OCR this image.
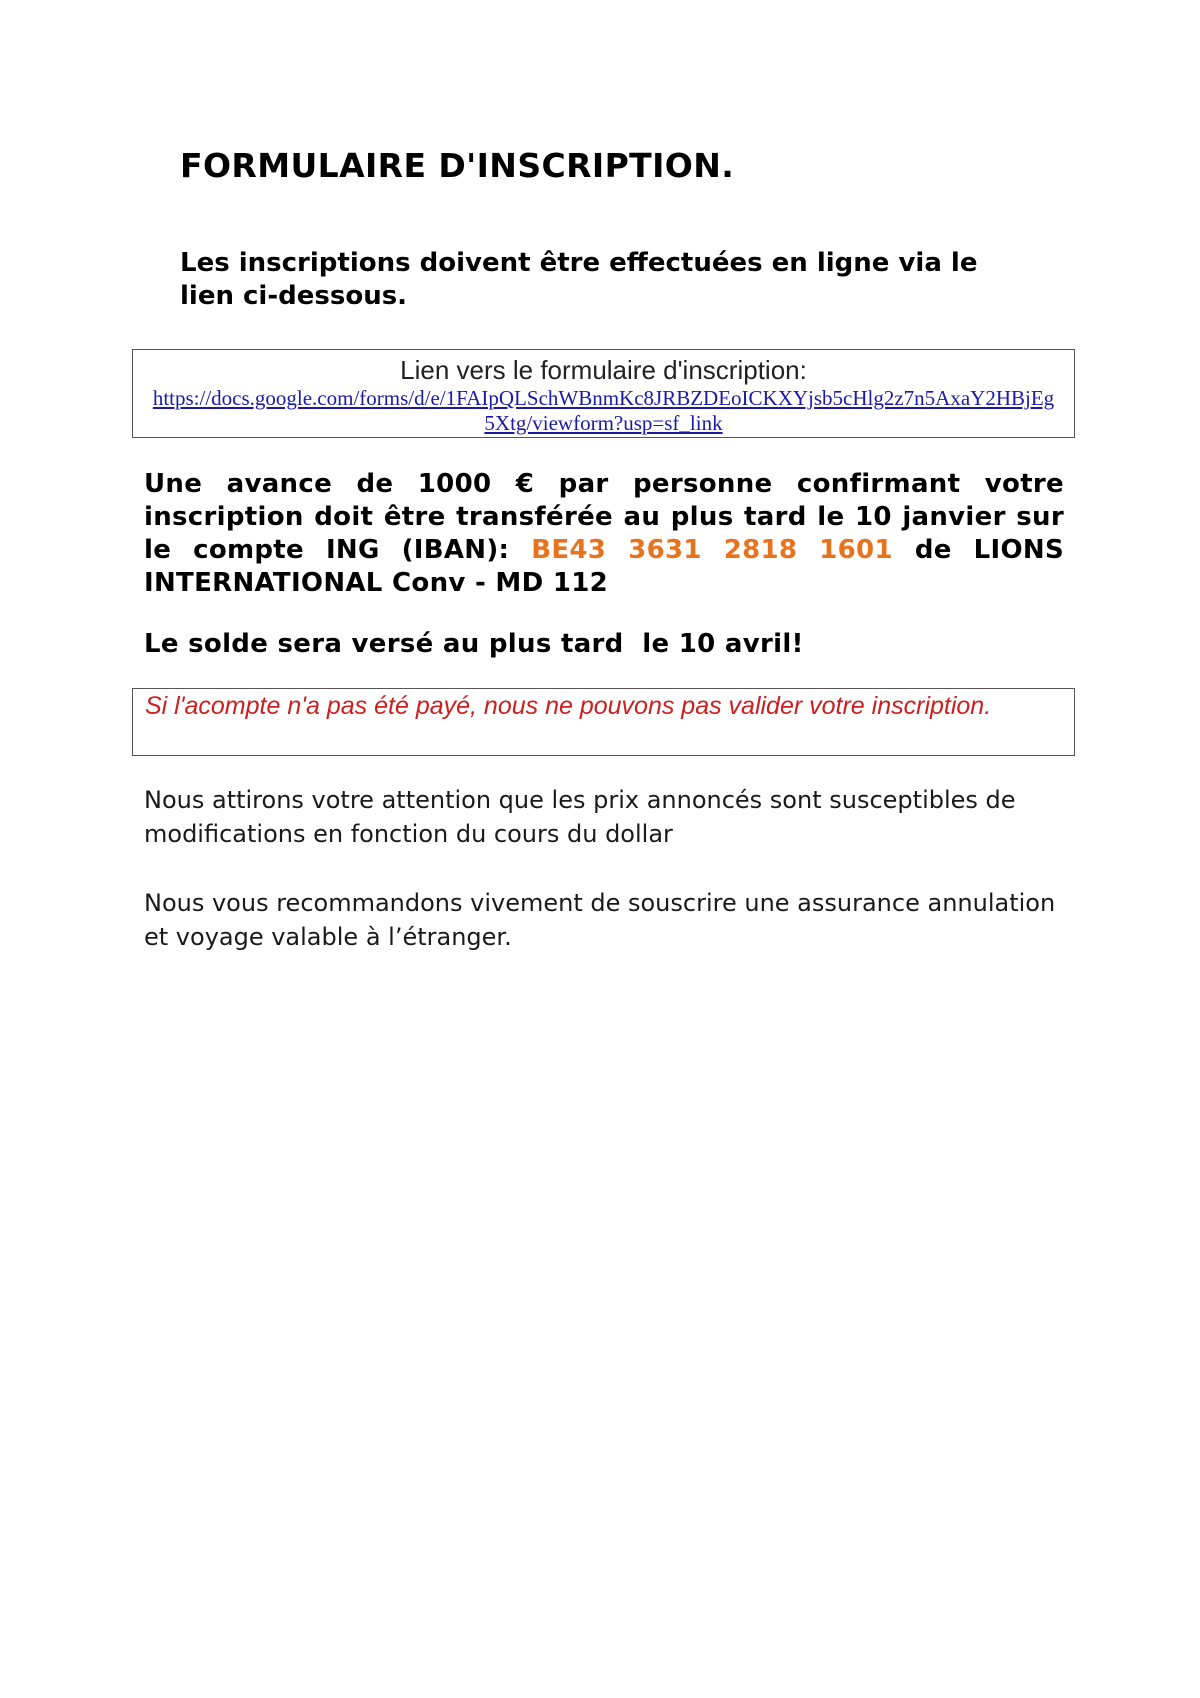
FORMULAIRE D'INSCRIPTION.

Les inscriptions doivent être effectuées en ligne via le lien ci-dessous.

Lien vers le formulaire d'inscription:
https://docs.google.com/forms/d/e/1FAIpQLSchWBnmKc8JRBZDEoICKXYjsb5cHlg2z7n5AxaY2HBjEg5Xtg/viewform?usp=sf_link

Une avance de 1000 € par personne confirmant votre inscription doit être transférée au plus tard le 10 janvier sur le compte ING (IBAN): BE43 3631 2818 1601 de LIONS INTERNATIONAL Conv - MD 112

Le solde sera versé au plus tard  le 10 avril!

Si l'acompte n'a pas été payé, nous ne pouvons pas valider votre inscription.

Nous attirons votre attention que les prix annoncés sont susceptibles de modifications en fonction du cours du dollar

Nous vous recommandons vivement de souscrire une assurance annulation et voyage valable à l’étranger.
